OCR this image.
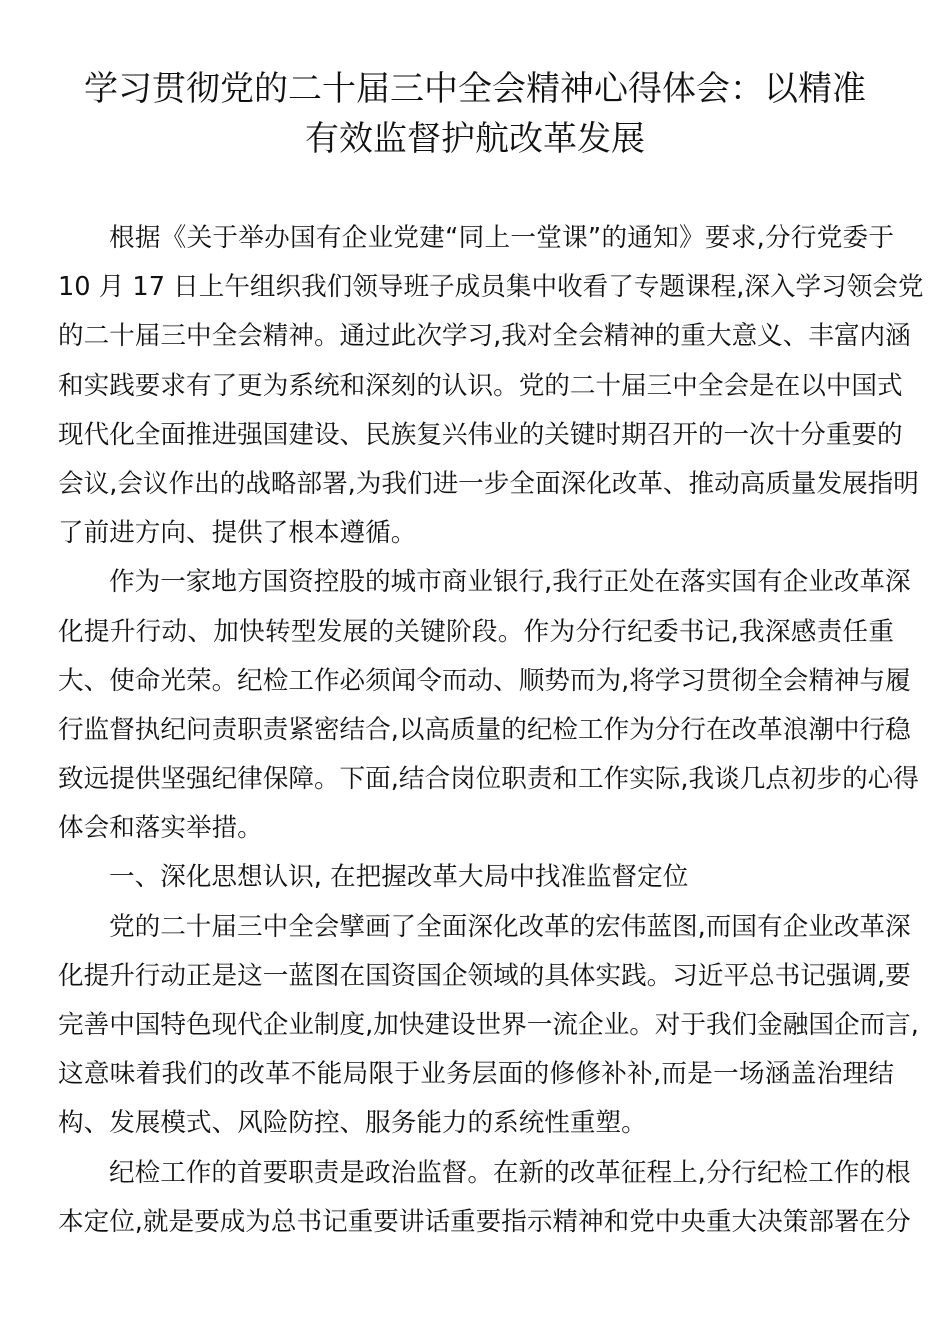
学习贯彻党的二十届三中全会精神心得体会：以精准
有效监督护航改革发展
根据《关于举办国有企业党建“同上一堂课”的通知》要求,分行党委于
10 月 17 日上午组织我们领导班子成员集中收看了专题课程,深入学习领会党
的二十届三中全会精神。通过此次学习,我对全会精神的重大意义、丰富内涵
和实践要求有了更为系统和深刻的认识。党的二十届三中全会是在以中国式
现代化全面推进强国建设、民族复兴伟业的关键时期召开的一次十分重要的
会议,会议作出的战略部署,为我们进一步全面深化改革、推动高质量发展指明
了前进方向、提供了根本遵循。
作为一家地方国资控股的城市商业银行,我行正处在落实国有企业改革深
化提升行动、加快转型发展的关键阶段。作为分行纪委书记,我深感责任重
大、使命光荣。纪检工作必须闻令而动、顺势而为,将学习贯彻全会精神与履
行监督执纪问责职责紧密结合,以高质量的纪检工作为分行在改革浪潮中行稳
致远提供坚强纪律保障。下面,结合岗位职责和工作实际,我谈几点初步的心得
体会和落实举措。
一、深化思想认识, 在把握改革大局中找准监督定位
党的二十届三中全会擘画了全面深化改革的宏伟蓝图,而国有企业改革深
化提升行动正是这一蓝图在国资国企领域的具体实践。习近平总书记强调,要
完善中国特色现代企业制度,加快建设世界一流企业。对于我们金融国企而言,
这意味着我们的改革不能局限于业务层面的修修补补,而是一场涵盖治理结
构、发展模式、风险防控、服务能力的系统性重塑。
纪检工作的首要职责是政治监督。在新的改革征程上,分行纪检工作的根
本定位,就是要成为总书记重要讲话重要指示精神和党中央重大决策部署在分
